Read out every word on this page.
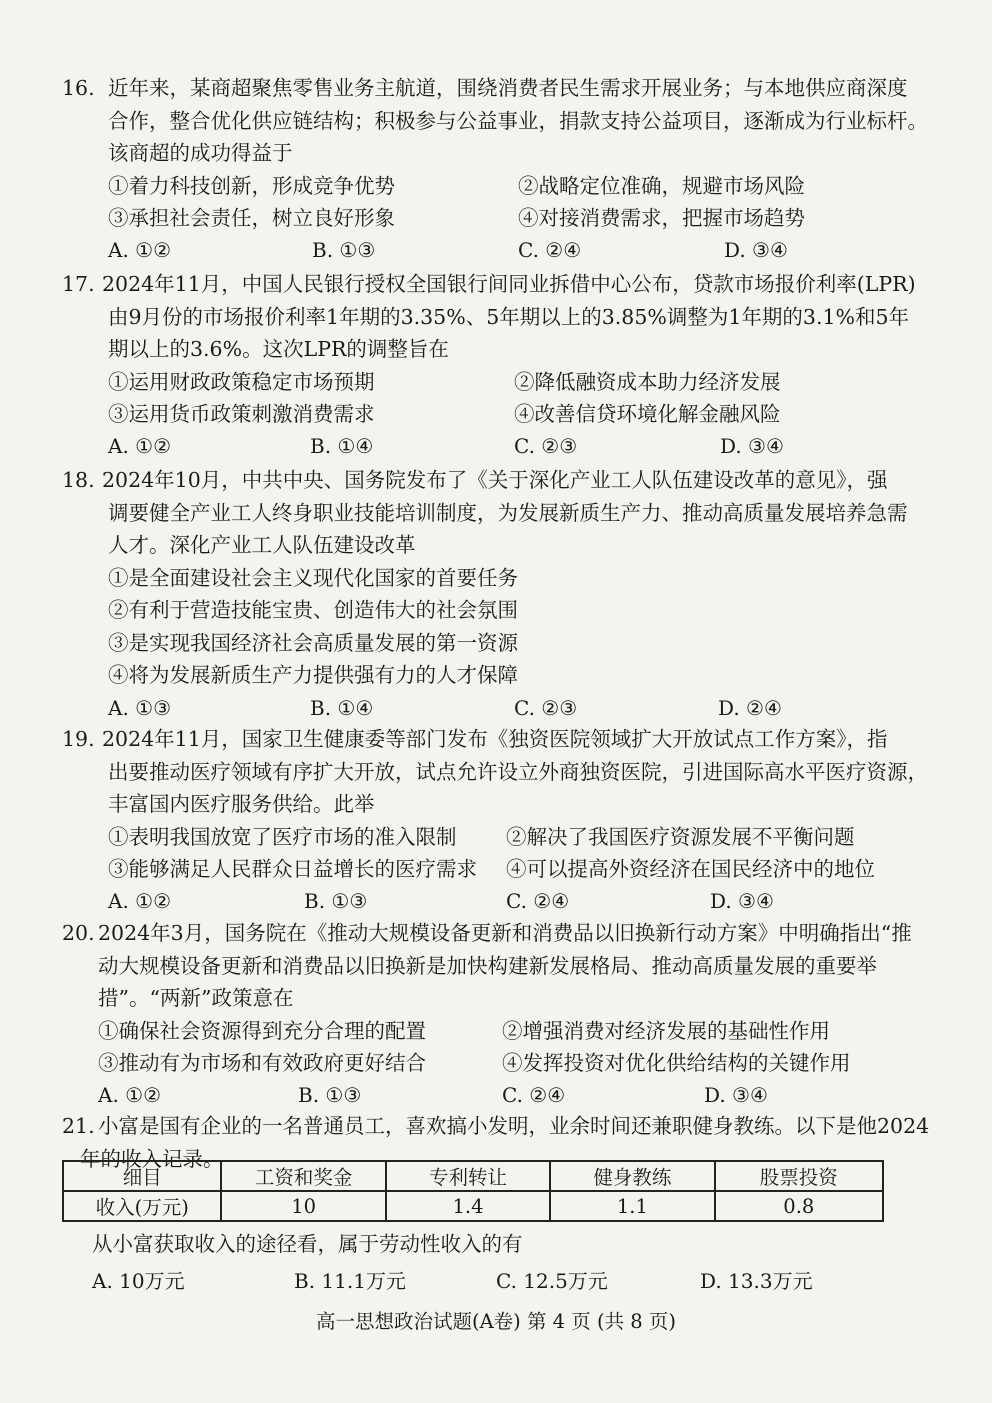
16. 近年来，某商超聚焦零售业务主航道，围绕消费者民生需求开展业务；与本地供应商深度
合作，整合优化供应链结构；积极参与公益事业，捐款支持公益项目，逐渐成为行业标杆。
该商超的成功得益于
①着力科技创新，形成竞争优势	②战略定位准确，规避市场风险
③承担社会责任，树立良好形象	④对接消费需求，把握市场趋势
A. ①②	B. ①③	C. ②④	D. ③④
17. 2024年11月，中国人民银行授权全国银行间同业拆借中心公布，贷款市场报价利率(LPR)
由9月份的市场报价利率1年期的3.35%、5年期以上的3.85%调整为1年期的3.1%和5年
期以上的3.6%。这次LPR的调整旨在
①运用财政政策稳定市场预期	②降低融资成本助力经济发展
③运用货币政策刺激消费需求	④改善信贷环境化解金融风险
A. ①②	B. ①④	C. ②③	D. ③④
18. 2024年10月，中共中央、国务院发布了《关于深化产业工人队伍建设改革的意见》，强
调要健全产业工人终身职业技能培训制度，为发展新质生产力、推动高质量发展培养急需
人才。深化产业工人队伍建设改革
①是全面建设社会主义现代化国家的首要任务
②有利于营造技能宝贵、创造伟大的社会氛围
③是实现我国经济社会高质量发展的第一资源
④将为发展新质生产力提供强有力的人才保障
A. ①③	B. ①④	C. ②③	D. ②④
19. 2024年11月，国家卫生健康委等部门发布《独资医院领域扩大开放试点工作方案》，指
出要推动医疗领域有序扩大开放，试点允许设立外商独资医院，引进国际高水平医疗资源，
丰富国内医疗服务供给。此举
①表明我国放宽了医疗市场的准入限制 ②解决了我国医疗资源发展不平衡问题
③能够满足人民群众日益增长的医疗需求 ④可以提高外资经济在国民经济中的地位
A. ①②	B. ①③	C. ②④	D. ③④
20. 2024年3月，国务院在《推动大规模设备更新和消费品以旧换新行动方案》中明确指出“推
动大规模设备更新和消费品以旧换新是加快构建新发展格局、推动高质量发展的重要举
措”。“两新”政策意在
①确保社会资源得到充分合理的配置	②增强消费对经济发展的基础性作用
③推动有为市场和有效政府更好结合	④发挥投资对优化供给结构的关键作用
A. ①②	B. ①③	C. ②④	D. ③④
21. 小富是国有企业的一名普通员工，喜欢搞小发明，业余时间还兼职健身教练。以下是他2024
年的收入记录。
细目	工资和奖金	专利转让	健身教练	股票投资
收入(万元)	10	1.4	1.1	0.8
从小富获取收入的途径看，属于劳动性收入的有
A. 10万元	B. 11.1万元	C. 12.5万元	D. 13.3万元
高一思想政治试题(A卷) 第 4 页 (共 8 页)
